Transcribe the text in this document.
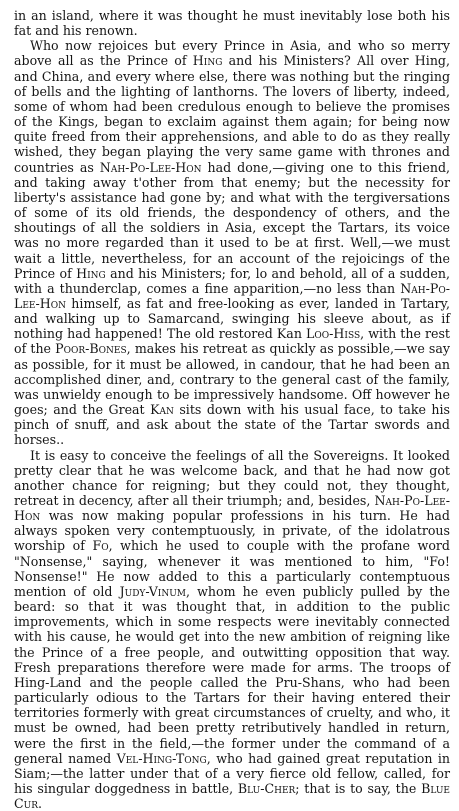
in an island, where it was thought he must inevitably lose both his fat and his renown.

Who now rejoices but every Prince in Asia, and who so merry above all as the Prince of Hing and his Ministers? All over Hing, and China, and every where else, there was nothing but the ringing of bells and the lighting of lanthorns. The lovers of liberty, indeed, some of whom had been credulous enough to believe the promises of the Kings, began to exclaim against them again; for being now quite freed from their apprehensions, and able to do as they really wished, they began playing the very same game with thrones and countries as Nah-Po-Lee-Hon had done,—giving one to this friend, and taking away t'other from that enemy; but the necessity for liberty's assistance had gone by; and what with the tergiversations of some of its old friends, the despondency of others, and the shoutings of all the soldiers in Asia, except the Tartars, its voice was no more regarded than it used to be at first. Well,—we must wait a little, nevertheless, for an account of the rejoicings of the Prince of Hing and his Ministers; for, lo and behold, all of a sudden, with a thunderclap, comes a fine apparition,—no less than Nah-Po-Lee-Hon himself, as fat and free-looking as ever, landed in Tartary, and walking up to Samarcand, swinging his sleeve about, as if nothing had happened! The old restored Kan Loo-Hiss, with the rest of the Poor-Bones, makes his retreat as quickly as possible,—we say as possible, for it must be allowed, in candour, that he had been an accomplished diner, and, contrary to the general cast of the family, was unwieldy enough to be impressively handsome. Off however he goes; and the Great Kan sits down with his usual face, to take his pinch of snuff, and ask about the state of the Tartar swords and horses..

It is easy to conceive the feelings of all the Sovereigns. It looked pretty clear that he was welcome back, and that he had now got another chance for reigning; but they could not, they thought, retreat in decency, after all their triumph; and, besides, Nah-Po-Lee-Hon was now making popular professions in his turn. He had always spoken very contemptuously, in private, of the idolatrous worship of Fo, which he used to couple with the profane word "Nonsense," saying, whenever it was mentioned to him, "Fo! Nonsense!" He now added to this a particularly contemptuous mention of old Judy-Vinum, whom he even publicly pulled by the beard: so that it was thought that, in addition to the public improvements, which in some respects were inevitably connected with his cause, he would get into the new ambition of reigning like the Prince of a free people, and outwitting opposition that way. Fresh preparations therefore were made for arms. The troops of Hing-Land and the people called the Pru-Shans, who had been particularly odious to the Tartars for their having entered their territories formerly with great circumstances of cruelty, and who, it must be owned, had been pretty retributively handled in return, were the first in the field,—the former under the command of a general named Vel-Hing-Tong, who had gained great reputation in Siam;—the latter under that of a very fierce old fellow, called, for his singular doggedness in battle, Blu-Cher; that is to say, the Blue Cur.
